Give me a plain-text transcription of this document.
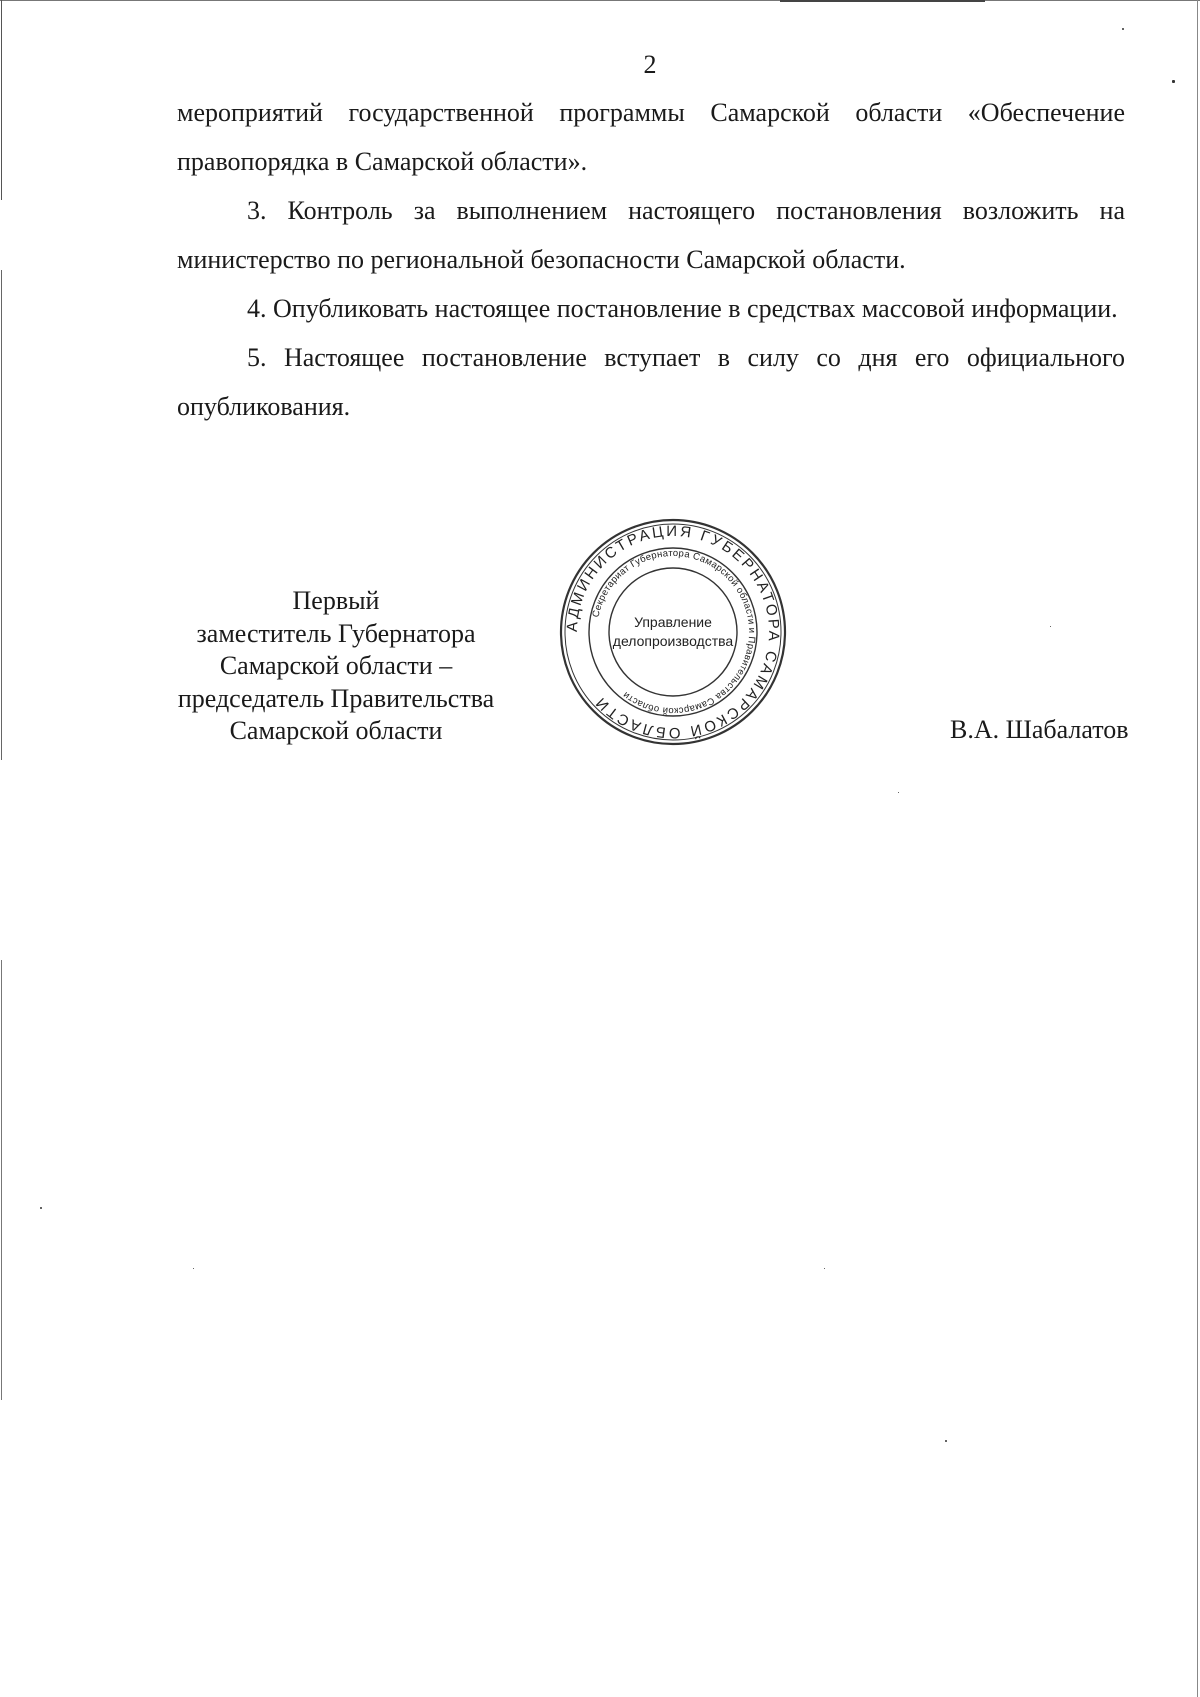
2

мероприятий государственной программы Самарской области «Обеспечение правопорядка в Самарской области».

3. Контроль за выполнением настоящего постановления возложить на министерство по региональной безопасности Самарской области.

4. Опубликовать настоящее постановление в средствах массовой информации.

5. Настоящее постановление вступает в силу со дня его официального опубликования.

Первый
заместитель Губернатора
Самарской области –
председатель Правительства
Самарской области
АДМИНИСТРАЦИЯ ГУБЕРНАТОРА САМАРСКОЙ ОБЛАСТИ
Секретариат Губернатора Самарской области и Правительства Самарской области
Управление
делопроизводства
В.А. Шабалатов
